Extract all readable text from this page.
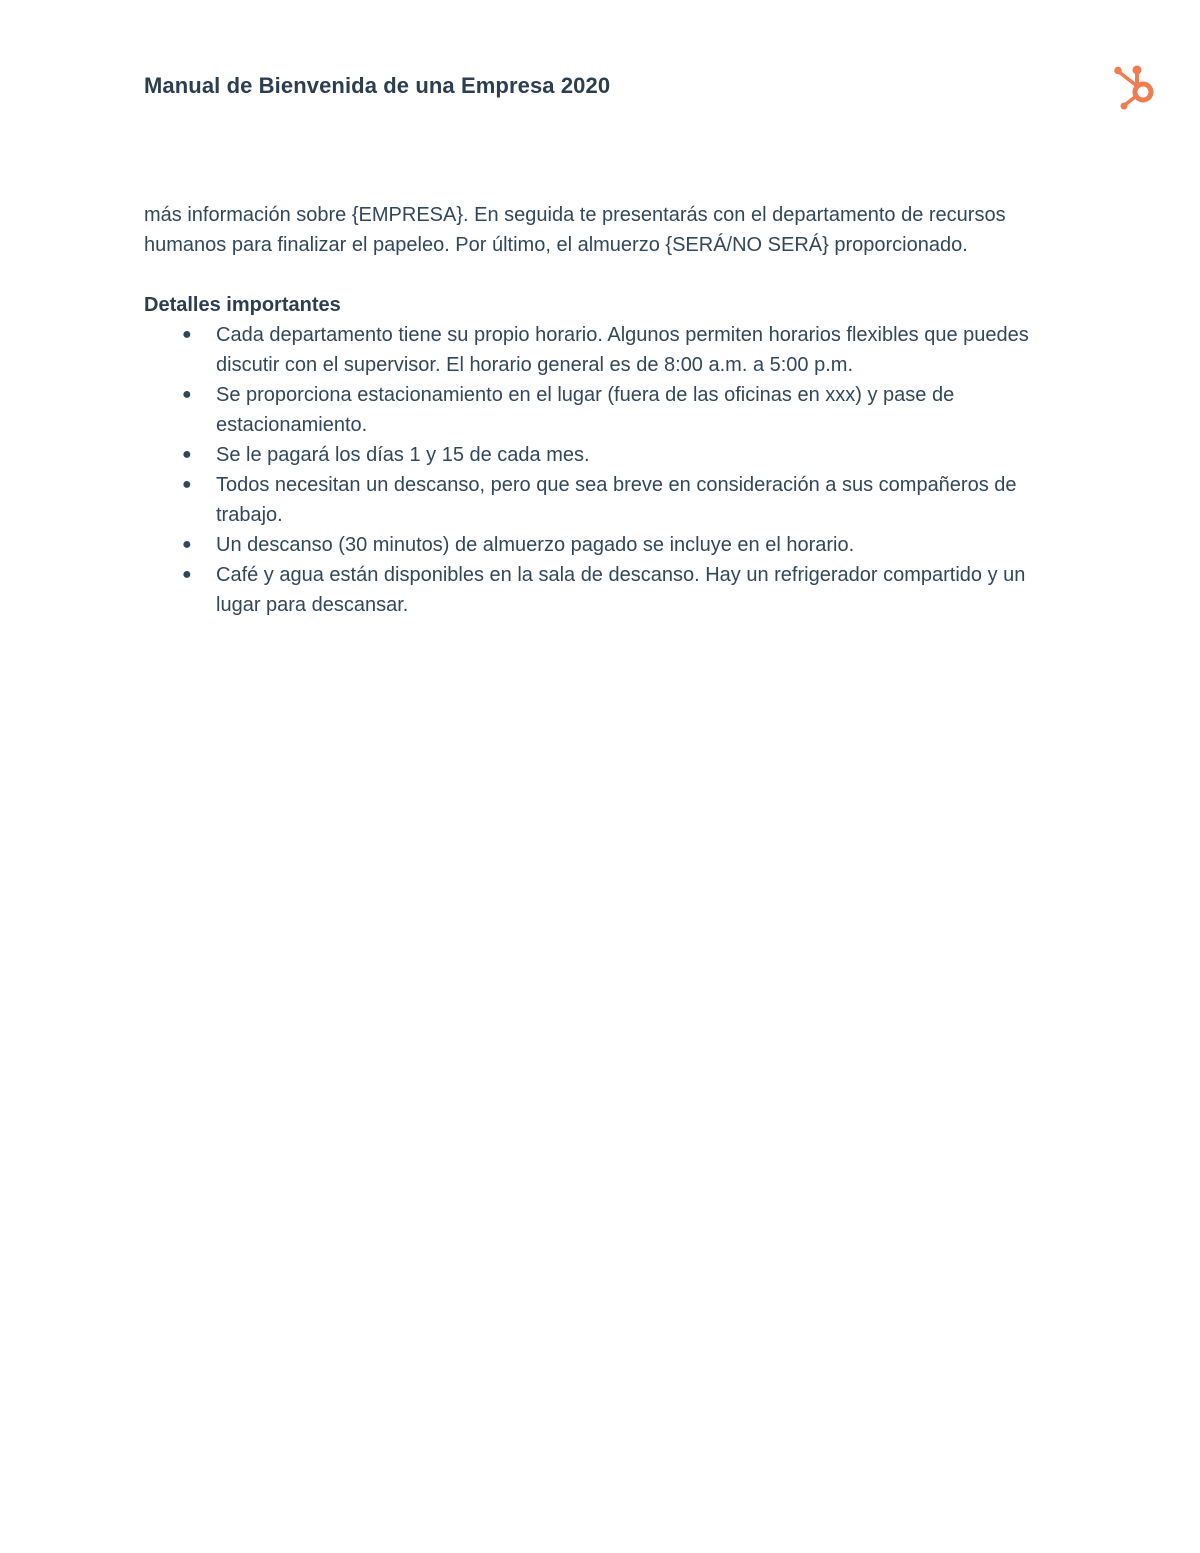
Manual de Bienvenida de una Empresa 2020

más información sobre {EMPRESA}. En seguida te presentarás con el departamento de recursos humanos para finalizar el papeleo. Por último, el almuerzo {SERÁ/NO SERÁ} proporcionado.

Detalles importantes
● Cada departamento tiene su propio horario. Algunos permiten horarios flexibles que puedes discutir con el supervisor. El horario general es de 8:00 a.m. a 5:00 p.m.
● Se proporciona estacionamiento en el lugar (fuera de las oficinas en xxx) y pase de estacionamiento.
● Se le pagará los días 1 y 15 de cada mes.
● Todos necesitan un descanso, pero que sea breve en consideración a sus compañeros de trabajo.
● Un descanso (30 minutos) de almuerzo pagado se incluye en el horario.
● Café y agua están disponibles en la sala de descanso. Hay un refrigerador compartido y un lugar para descansar.
